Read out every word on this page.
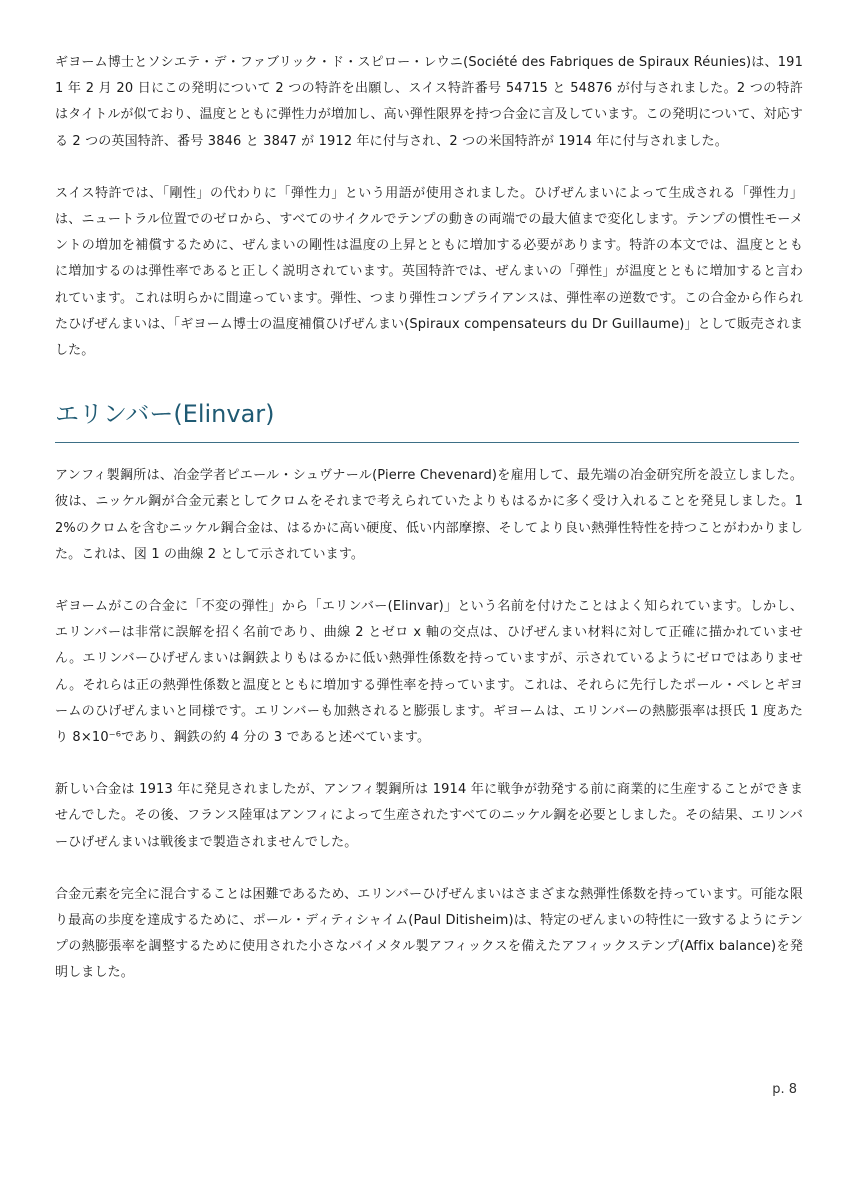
ギヨーム博士とソシエテ・デ・ファブリック・ド・スピロー・レウニ(Société des Fabriques de Spiraux Réunies)は、1911 年 2 月 20 日にこの発明について 2 つの特許を出願し、スイス特許番号 54715 と 54876 が付与されました。2 つの特許はタイトルが似ており、温度とともに弾性力が増加し、高い弾性限界を持つ合金に言及しています。この発明について、対応する 2 つの英国特許、番号 3846 と 3847 が 1912 年に付与され、2 つの米国特許が 1914 年に付与されました。

スイス特許では、「剛性」の代わりに「弾性力」という用語が使用されました。ひげぜんまいによって生成される「弾性力」は、ニュートラル位置でのゼロから、すべてのサイクルでテンプの動きの両端での最大値まで変化します。テンプの慣性モーメントの増加を補償するために、ぜんまいの剛性は温度の上昇とともに増加する必要があります。特許の本文では、温度とともに増加するのは弾性率であると正しく説明されています。英国特許では、ぜんまいの「弾性」が温度とともに増加すると言われています。これは明らかに間違っています。弾性、つまり弾性コンプライアンスは、弾性率の逆数です。この合金から作られたひげぜんまいは、「ギヨーム博士の温度補償ひげぜんまい(Spiraux compensateurs du Dr Guillaume)」として販売されました。

エリンバー(Elinvar)

アンフィ製鋼所は、冶金学者ピエール・シュヴナール(Pierre Chevenard)を雇用して、最先端の冶金研究所を設立しました。彼は、ニッケル鋼が合金元素としてクロムをそれまで考えられていたよりもはるかに多く受け入れることを発見しました。12%のクロムを含むニッケル鋼合金は、はるかに高い硬度、低い内部摩擦、そしてより良い熱弾性特性を持つことがわかりました。これは、図 1 の曲線 2 として示されています。

ギヨームがこの合金に「不変の弾性」から「エリンバー(Elinvar)」という名前を付けたことはよく知られています。しかし、エリンバーは非常に誤解を招く名前であり、曲線 2 とゼロ x 軸の交点は、ひげぜんまい材料に対して正確に描かれていません。エリンバーひげぜんまいは鋼鉄よりもはるかに低い熱弾性係数を持っていますが、示されているようにゼロではありません。それらは正の熱弾性係数と温度とともに増加する弾性率を持っています。これは、それらに先行したポール・ペレとギヨームのひげぜんまいと同様です。エリンバーも加熱されると膨張します。ギヨームは、エリンバーの熱膨張率は摂氏 1 度あたり 8×10⁻⁶であり、鋼鉄の約 4 分の 3 であると述べています。

新しい合金は 1913 年に発見されましたが、アンフィ製鋼所は 1914 年に戦争が勃発する前に商業的に生産することができませんでした。その後、フランス陸軍はアンフィによって生産されたすべてのニッケル鋼を必要としました。その結果、エリンバーひげぜんまいは戦後まで製造されませんでした。

合金元素を完全に混合することは困難であるため、エリンバーひげぜんまいはさまざまな熱弾性係数を持っています。可能な限り最高の歩度を達成するために、ポール・ディティシャイム(Paul Ditisheim)は、特定のぜんまいの特性に一致するようにテンプの熱膨張率を調整するために使用された小さなバイメタル製アフィックスを備えたアフィックステンプ(Affix balance)を発明しました。

p. 8
